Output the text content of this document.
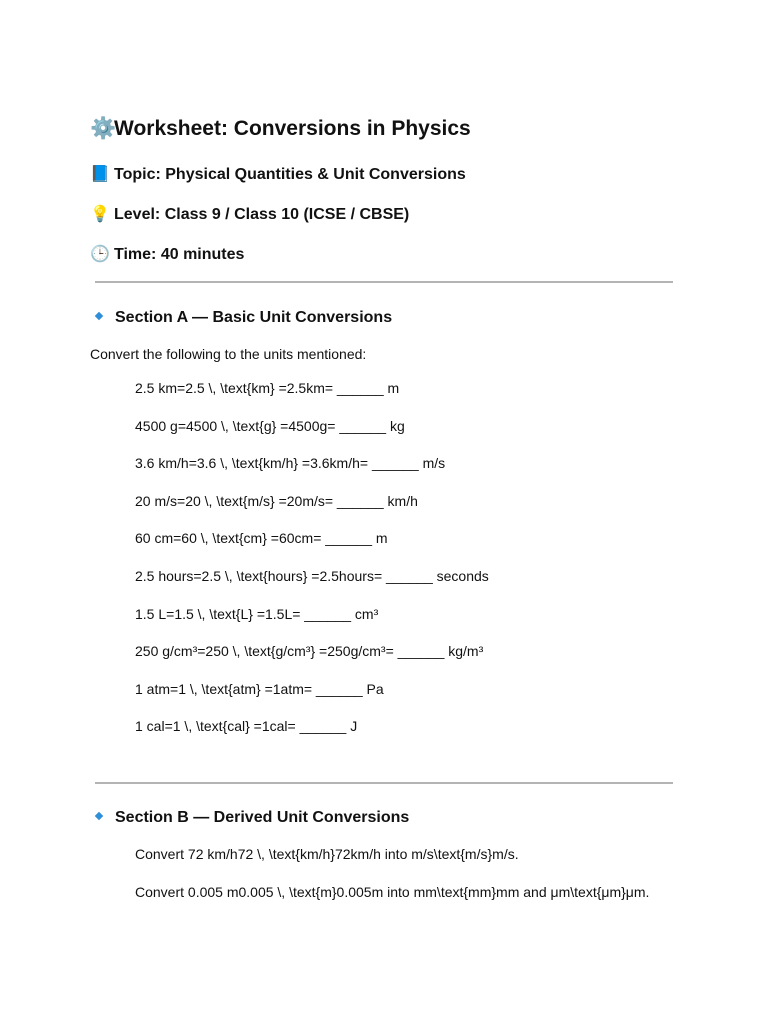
⚙️Worksheet: Conversions in Physics
📘 Topic: Physical Quantities & Unit Conversions
💡 Level: Class 9 / Class 10 (ICSE / CBSE)
🕒 Time: 40 minutes
Section A — Basic Unit Conversions
Convert the following to the units mentioned:
2.5 km=2.5 \, \text{km} =2.5km= ______ m
4500 g=4500 \, \text{g} =4500g= ______ kg
3.6 km/h=3.6 \, \text{km/h} =3.6km/h= ______ m/s
20 m/s=20 \, \text{m/s} =20m/s= ______ km/h
60 cm=60 \, \text{cm} =60cm= ______ m
2.5 hours=2.5 \, \text{hours} =2.5hours= ______ seconds
1.5 L=1.5 \, \text{L} =1.5L= ______ cm³
250 g/cm³=250 \, \text{g/cm³} =250g/cm³= ______ kg/m³
1 atm=1 \, \text{atm} =1atm= ______ Pa
1 cal=1 \, \text{cal} =1cal= ______ J
Section B — Derived Unit Conversions
Convert 72 km/h72 \, \text{km/h}72km/h into m/s\text{m/s}m/s.
Convert 0.005 m0.005 \, \text{m}0.005m into mm\text{mm}mm and μm\text{μm}μm.
